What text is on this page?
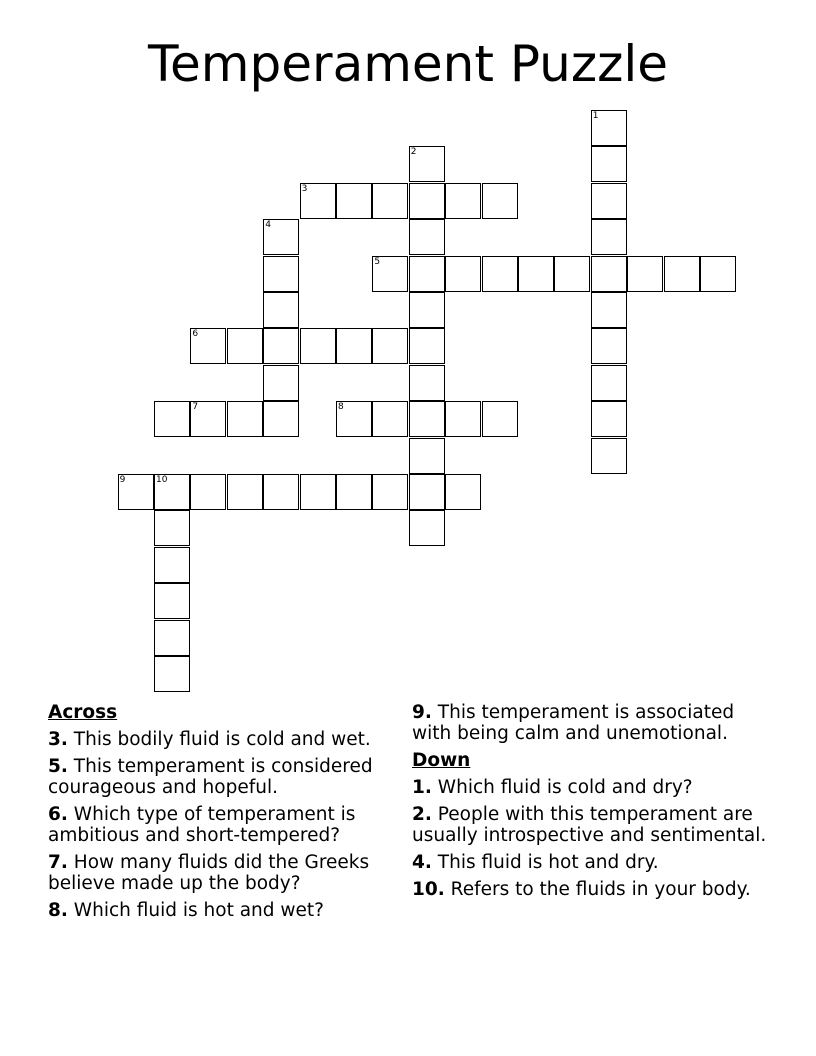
Temperament Puzzle
1
2
3
4
5
6
7	8
9	10
Across
3. This bodily fluid is cold and wet.
5. This temperament is considered courageous and hopeful.
6. Which type of temperament is ambitious and short-tempered?
7. How many fluids did the Greeks believe made up the body?
8. Which fluid is hot and wet?
9. This temperament is associated with being calm and unemotional.
Down
1. Which fluid is cold and dry?
2. People with this temperament are usually introspective and sentimental.
4. This fluid is hot and dry.
10. Refers to the fluids in your body.
